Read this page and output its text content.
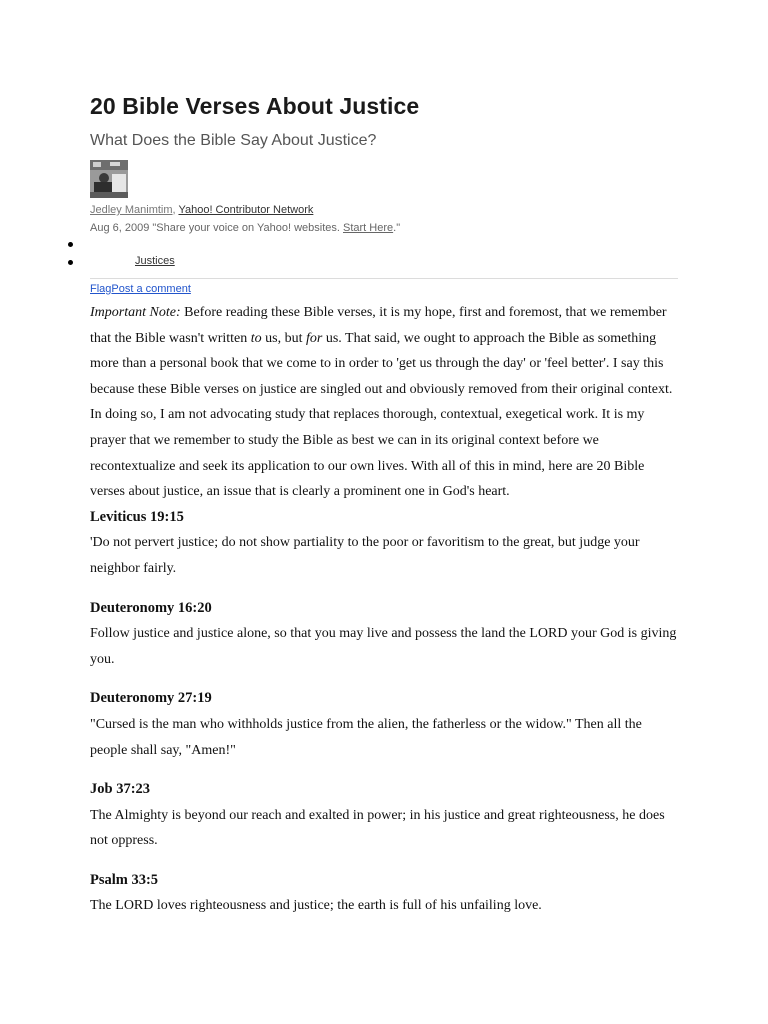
20 Bible Verses About Justice
What Does the Bible Say About Justice?
Jedley Manimtim, Yahoo! Contributor Network
Aug 6, 2009 "Share your voice on Yahoo! websites. Start Here."
Justices
FlagPost a comment

Important Note: Before reading these Bible verses, it is my hope, first and foremost, that we remember that the Bible wasn't written to us, but for us. That said, we ought to approach the Bible as something more than a personal book that we come to in order to 'get us through the day' or 'feel better'. I say this because these Bible verses on justice are singled out and obviously removed from their original context. In doing so, I am not advocating study that replaces thorough, contextual, exegetical work. It is my prayer that we remember to study the Bible as best we can in its original context before we recontextualize and seek its application to our own lives. With all of this in mind, here are 20 Bible verses about justice, an issue that is clearly a prominent one in God's heart.

Leviticus 19:15

'Do not pervert justice; do not show partiality to the poor or favoritism to the great, but judge your neighbor fairly.

Deuteronomy 16:20

Follow justice and justice alone, so that you may live and possess the land the LORD your God is giving you.

Deuteronomy 27:19

"Cursed is the man who withholds justice from the alien, the fatherless or the widow." Then all the people shall say, "Amen!"

Job 37:23

The Almighty is beyond our reach and exalted in power; in his justice and great righteousness, he does not oppress.

Psalm 33:5

The LORD loves righteousness and justice; the earth is full of his unfailing love.
